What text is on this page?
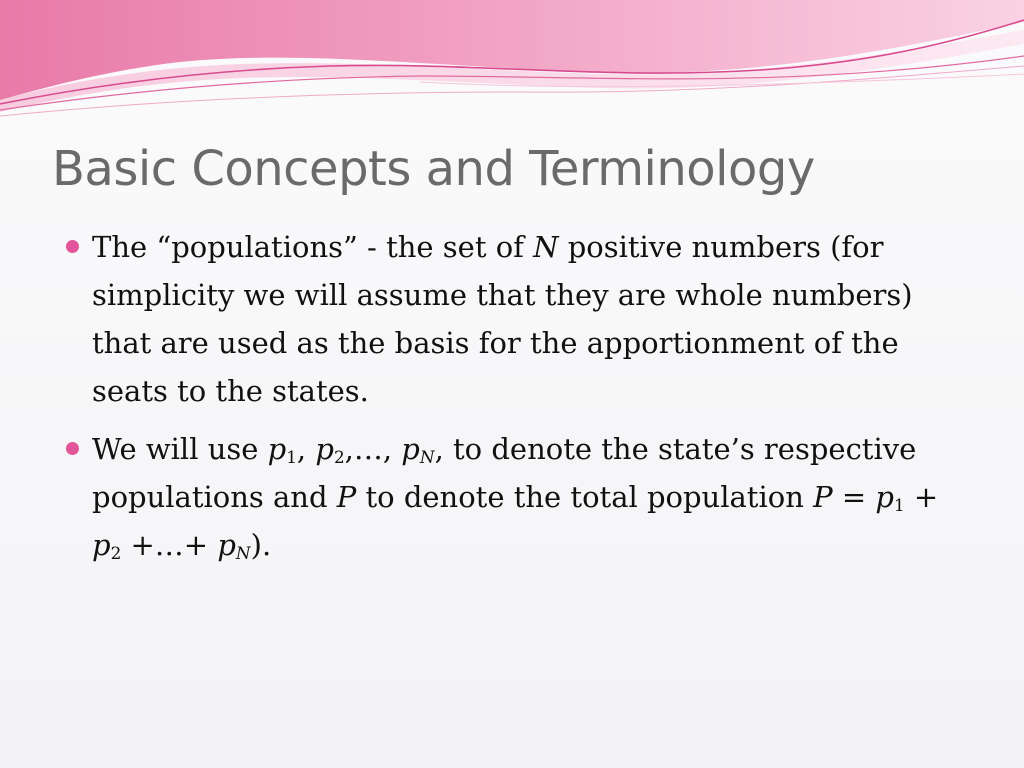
Basic Concepts and Terminology
The “populations” - the set of N positive numbers (for simplicity we will assume that they are whole numbers) that are used as the basis for the apportionment of the seats to the states.
We will use $p_1$, $p_2,\dots$, $p_N$, to denote the state’s respective populations and P to denote the total population $P = p_1 + p_2$ +…+ $p_N$).
